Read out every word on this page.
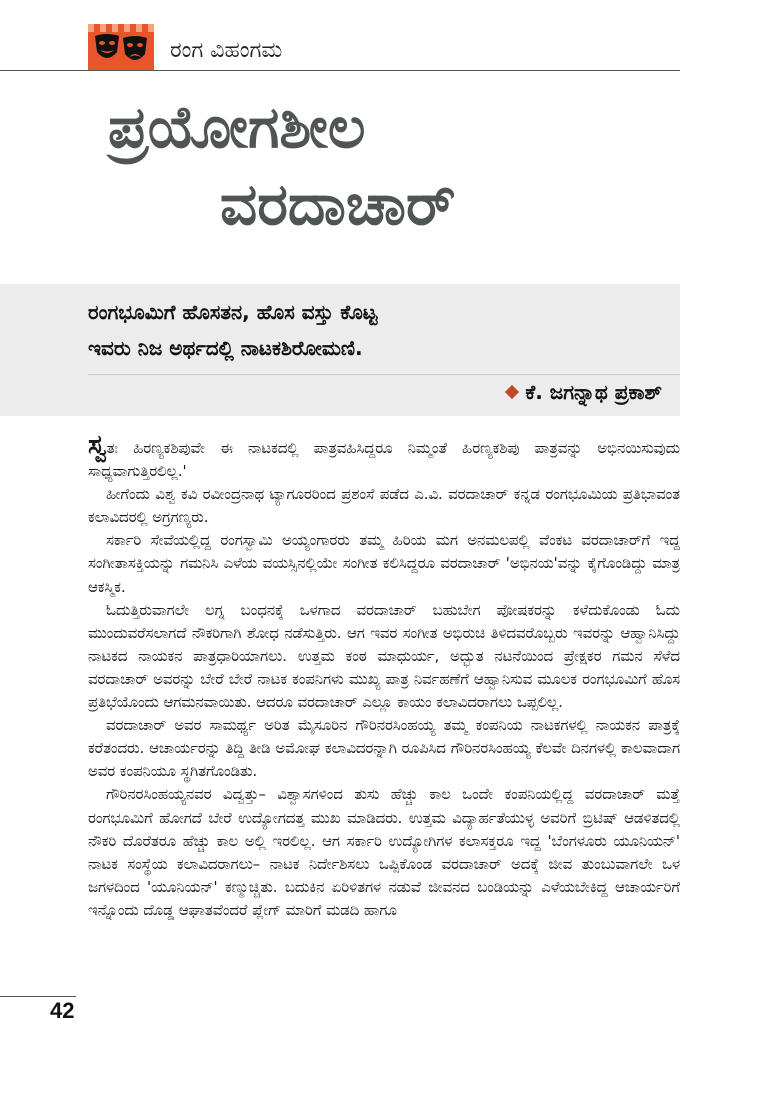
ರಂಗ ವಿಹಂಗಮ
ಪ್ರಯೋಗಶೀಲ
ವರದಾಚಾರ್
ರಂಗಭೂಮಿಗೆ ಹೊಸತನ, ಹೊಸ ವಸ್ತು ಕೊಟ್ಟ
ಇವರು ನಿಜ ಅರ್ಥದಲ್ಲಿ ನಾಟಕಶಿರೋಮಣಿ.
ಕೆ. ಜಗನ್ನಾಥ ಪ್ರಕಾಶ್

ಸ್ವತಃ ಹಿರಣ್ಯಕಶಿಪುವೇ ಈ ನಾಟಕದಲ್ಲಿ ಪಾತ್ರವಹಿಸಿದ್ದರೂ ನಿಮ್ಮಂತೆ ಹಿರಣ್ಯಕಶಿಪು ಪಾತ್ರವನ್ನು ಅಭಿನಯಿಸುವುದು ಸಾಧ್ಯವಾಗುತ್ತಿರಲಿಲ್ಲ.'

ಹೀಗೆಂದು ವಿಶ್ವ ಕವಿ ರವೀಂದ್ರನಾಥ ಟ್ಯಾಗೂರರಿಂದ ಪ್ರಶಂಸೆ ಪಡೆದ ಎ.ವಿ. ವರದಾಚಾರ್ ಕನ್ನಡ ರಂಗಭೂಮಿಯ ಪ್ರತಿಭಾವಂತ ಕಲಾವಿದರಲ್ಲಿ ಅಗ್ರಗಣ್ಯರು.

ಸರ್ಕಾರಿ ಸೇವೆಯಲ್ಲಿದ್ದ ರಂಗಸ್ವಾಮಿ ಅಯ್ಯಂಗಾರರು ತಮ್ಮ ಹಿರಿಯ ಮಗ ಅನಮಲಪಲ್ಲಿ ವೆಂಕಟ ವರದಾಚಾರ್‌ಗೆ ಇದ್ದ ಸಂಗೀತಾಸಕ್ತಿಯನ್ನು ಗಮನಿಸಿ ಎಳೆಯ ವಯಸ್ಸಿನಲ್ಲಿಯೇ ಸಂಗೀತ ಕಲಿಸಿದ್ದರೂ ವರದಾಚಾರ್ 'ಅಭಿನಯ'ವನ್ನು ಕೈಗೊಂಡಿದ್ದು ಮಾತ್ರ ಆಕಸ್ಮಿಕ.

ಓದುತ್ತಿರುವಾಗಲೇ ಲಗ್ನ ಬಂಧನಕ್ಕೆ ಒಳಗಾದ ವರದಾಚಾರ್ ಬಹುಬೇಗ ಪೋಷಕರನ್ನು ಕಳೆದುಕೊಂಡು ಓದು ಮುಂದುವರೆಸಲಾಗದೆ ನೌಕರಿಗಾಗಿ ಶೋಧ ನಡೆಸುತ್ತಿರು. ಆಗ ಇವರ ಸಂಗೀತ ಅಭಿರುಚಿ ತಿಳಿದವರೊಬ್ಬರು ಇವರನ್ನು ಆಹ್ವಾನಿಸಿದ್ದು ನಾಟಕದ ನಾಯಕನ ಪಾತ್ರಧಾರಿಯಾಗಲು. ಉತ್ತಮ ಕಂಠ ಮಾಧುರ್ಯ, ಅದ್ಭುತ ನಟನೆಯಿಂದ ಪ್ರೇಕ್ಷಕರ ಗಮನ ಸೆಳೆದ ವರದಾಚಾರ್ ಅವರನ್ನು ಬೇರೆ ಬೇರೆ ನಾಟಕ ಕಂಪನಿಗಳು ಮುಖ್ಯ ಪಾತ್ರ ನಿರ್ವಹಣೆಗೆ ಆಹ್ವಾನಿಸುವ ಮೂಲಕ ರಂಗಭೂಮಿಗೆ ಹೊಸ ಪ್ರತಿಭೆಯೊಂದು ಆಗಮನವಾಯಿತು. ಆದರೂ ವರದಾಚಾರ್ ಎಲ್ಲೂ ಕಾಯಂ ಕಲಾವಿದರಾಗಲು ಒಪ್ಪಲಿಲ್ಲ.

ವರದಾಚಾರ್ ಅವರ ಸಾಮರ್ಥ್ಯ ಅರಿತ ಮೈಸೂರಿನ ಗೌರಿನರಸಿಂಹಯ್ಯ ತಮ್ಮ ಕಂಪನಿಯ ನಾಟಕಗಳಲ್ಲಿ ನಾಯಕನ ಪಾತ್ರಕ್ಕೆ ಕರೆತಂದರು. ಆಚಾರ್ಯರನ್ನು ತಿದ್ದಿ ತೀಡಿ ಅಮೋಘ ಕಲಾವಿದರನ್ನಾಗಿ ರೂಪಿಸಿದ ಗೌರಿನರಸಿಂಹಯ್ಯ ಕೆಲವೇ ದಿನಗಳಲ್ಲಿ ಕಾಲವಾದಾಗ ಅವರ ಕಂಪನಿಯೂ ಸ್ಥಗಿತಗೊಂಡಿತು.

ಗೌರಿನರಸಿಂಹಯ್ಯನವರ ವಿದ್ವತ್ತು– ವಿಶ್ವಾಸಗಳಿಂದ ತುಸು ಹೆಚ್ಚು ಕಾಲ ಒಂದೇ ಕಂಪನಿಯಲ್ಲಿದ್ದ ವರದಾಚಾರ್ ಮತ್ತೆ ರಂಗಭೂಮಿಗೆ ಹೋಗದೆ ಬೇರೆ ಉದ್ಯೋಗದತ್ತ ಮುಖ ಮಾಡಿದರು. ಉತ್ತಮ ವಿದ್ಯಾರ್ಹತೆಯುಳ್ಳ ಅವರಿಗೆ ಬ್ರಿಟಿಷ್ ಆಡಳಿತದಲ್ಲಿ ನೌಕರಿ ದೊರೆತರೂ ಹೆಚ್ಚು ಕಾಲ ಅಲ್ಲಿ ಇರಲಿಲ್ಲ. ಆಗ ಸರ್ಕಾರಿ ಉದ್ಯೋಗಿಗಳ ಕಲಾಸಕ್ತರೂ ಇದ್ದ 'ಬೆಂಗಳೂರು ಯೂನಿಯನ್' ನಾಟಕ ಸಂಸ್ಥೆಯ ಕಲಾವಿದರಾಗಲು– ನಾಟಕ ನಿರ್ದೇಶಿಸಲು ಒಪ್ಪಿಕೊಂಡ ವರದಾಚಾರ್ ಅದಕ್ಕೆ ಜೀವ ತುಂಬುವಾಗಲೇ ಒಳ ಜಗಳದಿಂದ 'ಯೂನಿಯನ್' ಕಣ್ಮುಚ್ಚಿತು. ಬದುಕಿನ ಏರಿಳಿತಗಳ ನಡುವೆ ಜೀವನದ ಬಂಡಿಯನ್ನು ಎಳೆಯಬೇಕಿದ್ದ ಆಚಾರ್ಯರಿಗೆ ಇನ್ನೊಂದು ದೊಡ್ಡ ಆಘಾತವೆಂದರೆ ಪ್ಲೇಗ್ ಮಾರಿಗೆ ಮಡದಿ ಹಾಗೂ

42
